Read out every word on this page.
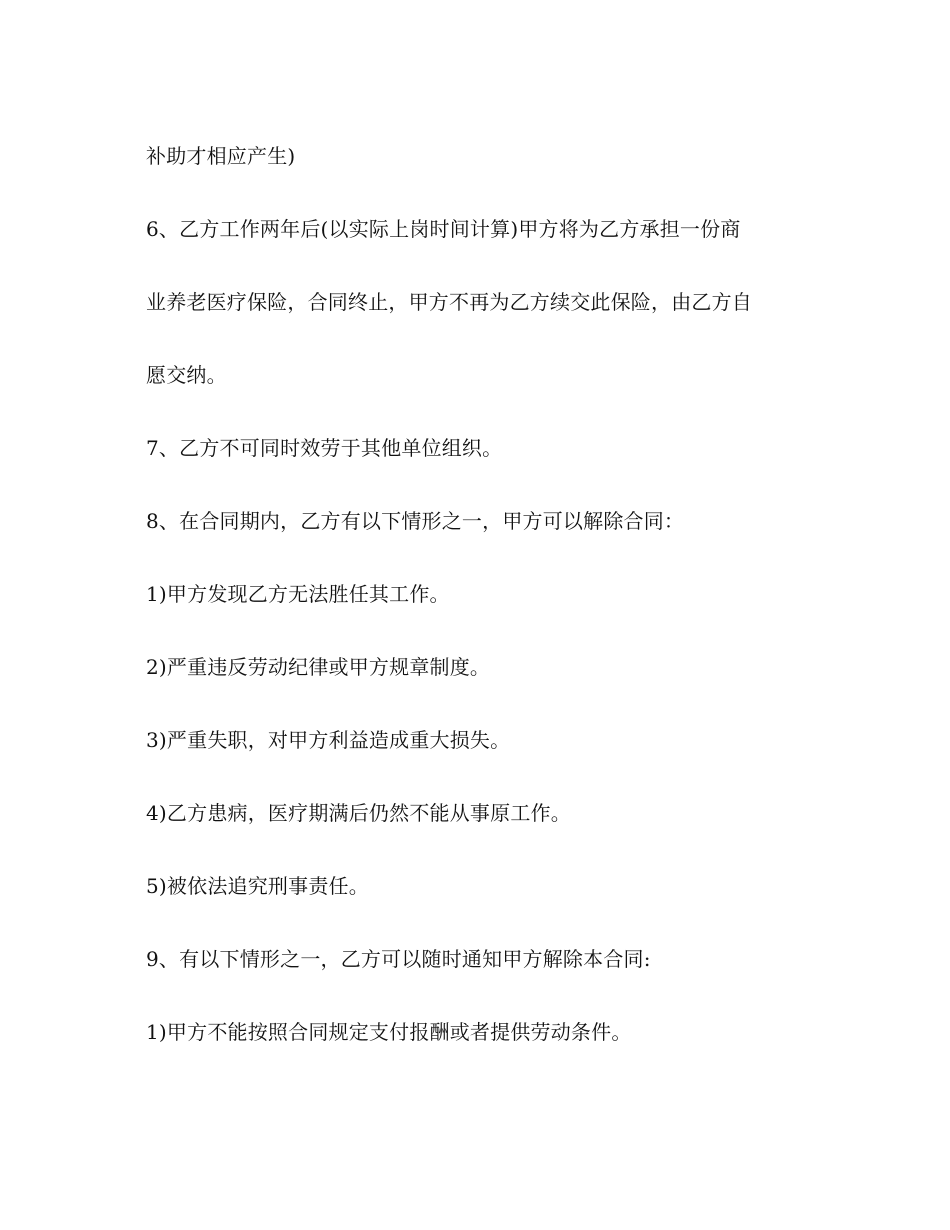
补助才相应产生)
6、乙方工作两年后(以实际上岗时间计算)甲方将为乙方承担一份商
业养老医疗保险，合同终止，甲方不再为乙方续交此保险，由乙方自
愿交纳。
7、乙方不可同时效劳于其他单位组织。
8、在合同期内，乙方有以下情形之一，甲方可以解除合同：
1)甲方发现乙方无法胜任其工作。
2)严重违反劳动纪律或甲方规章制度。
3)严重失职，对甲方利益造成重大损失。
4)乙方患病，医疗期满后仍然不能从事原工作。
5)被依法追究刑事责任。
9、有以下情形之一，乙方可以随时通知甲方解除本合同:
1)甲方不能按照合同规定支付报酬或者提供劳动条件。
